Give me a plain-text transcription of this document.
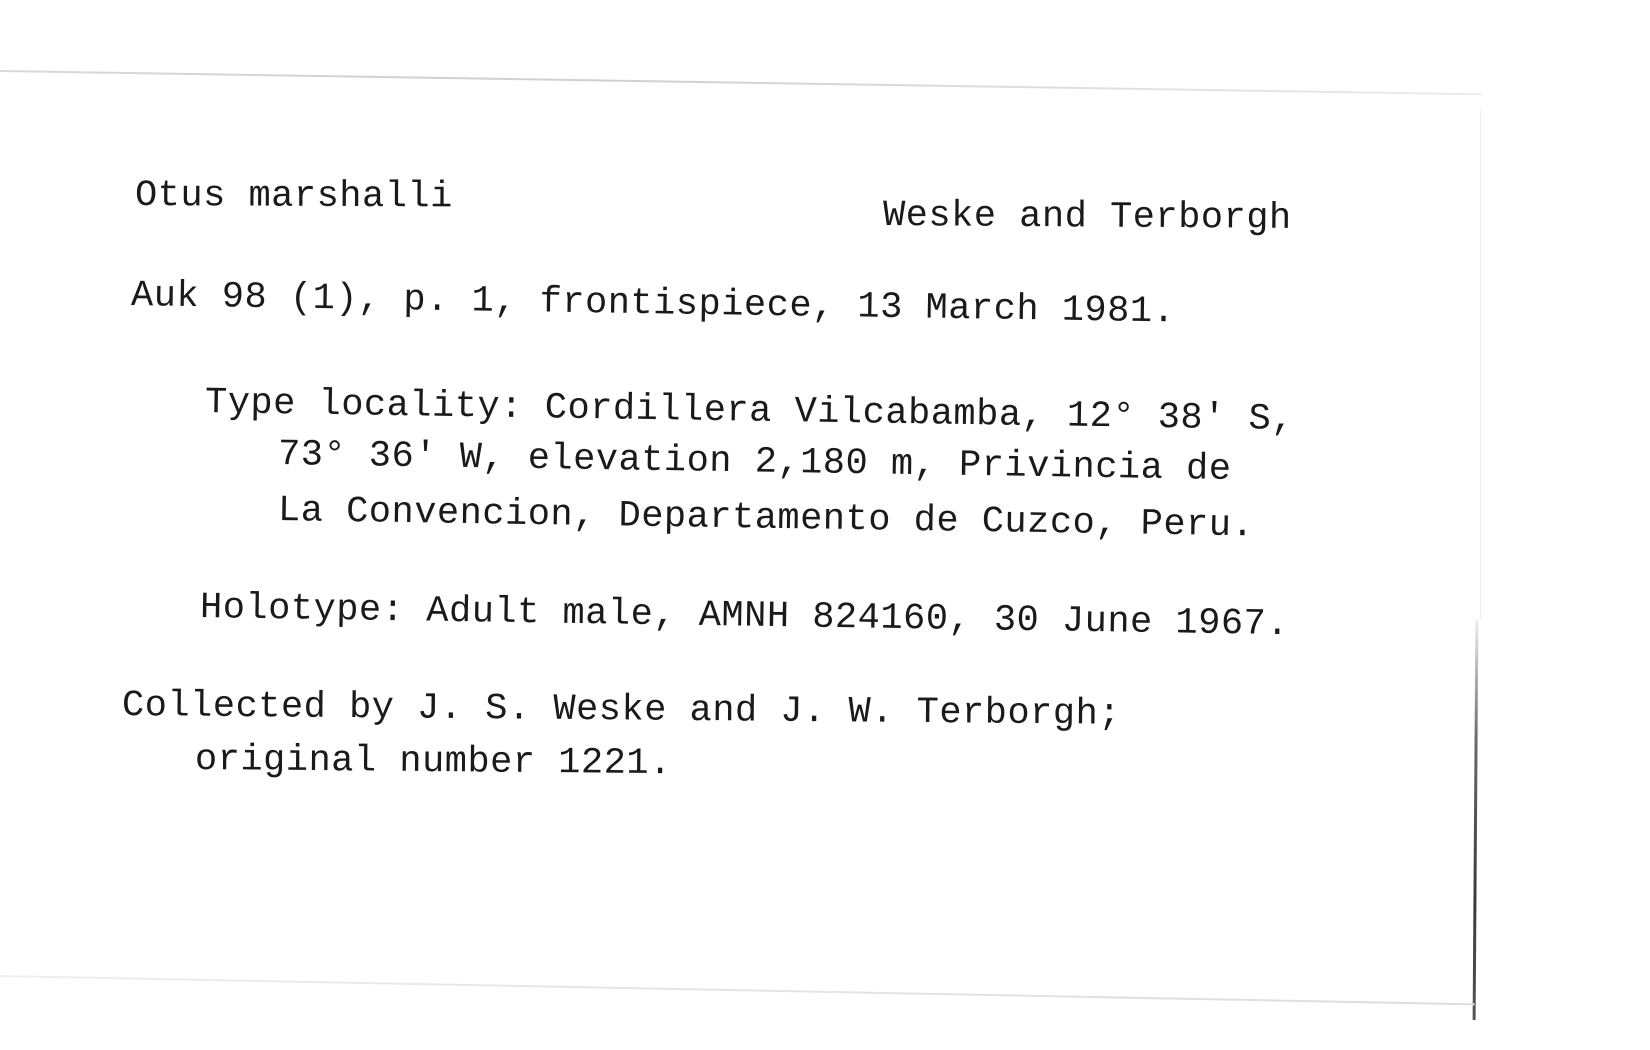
Otus marshalli	Weske and Terborgh
Auk 98 (1), p. 1, frontispiece, 13 March 1981.
Type locality: Cordillera Vilcabamba, 12° 38' S,
73° 36' W, elevation 2,180 m, Privincia de
La Convencion, Departamento de Cuzco, Peru.
Holotype: Adult male, AMNH 824160, 30 June 1967.
Collected by J. S. Weske and J. W. Terborgh;
original number 1221.
